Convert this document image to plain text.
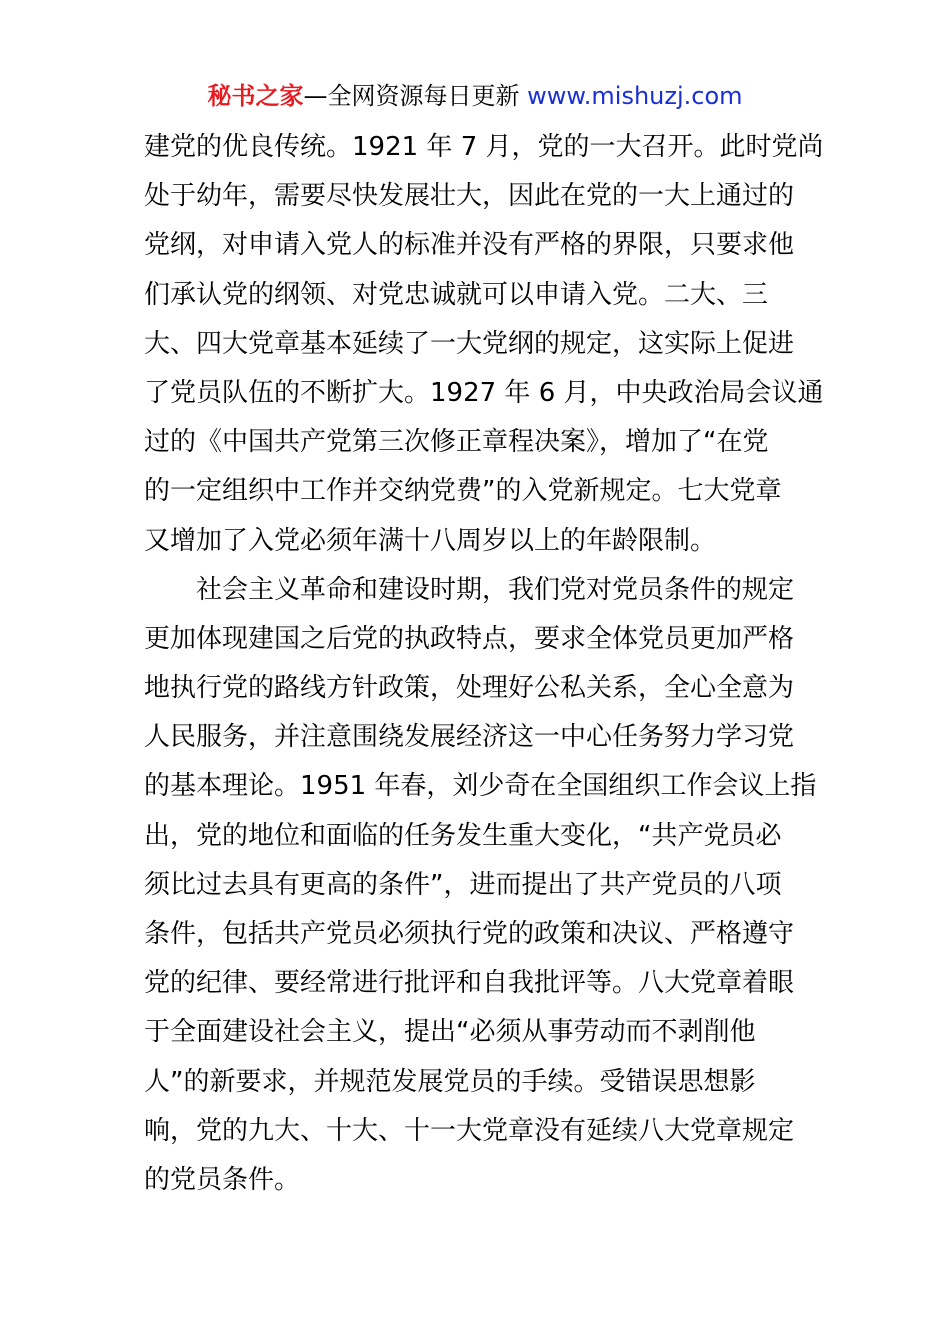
秘书之家—全网资源每日更新 www.mishuzj.com
建党的优良传统。1921 年 7 月，党的一大召开。此时党尚
处于幼年，需要尽快发展壮大，因此在党的一大上通过的
党纲，对申请入党人的标准并没有严格的界限，只要求他
们承认党的纲领、对党忠诚就可以申请入党。二大、三
大、四大党章基本延续了一大党纲的规定，这实际上促进
了党员队伍的不断扩大。1927 年 6 月，中央政治局会议通
过的《中国共产党第三次修正章程决案》，增加了“在党
的一定组织中工作并交纳党费”的入党新规定。七大党章
又增加了入党必须年满十八周岁以上的年龄限制。
社会主义革命和建设时期，我们党对党员条件的规定
更加体现建国之后党的执政特点，要求全体党员更加严格
地执行党的路线方针政策，处理好公私关系，全心全意为
人民服务，并注意围绕发展经济这一中心任务努力学习党
的基本理论。1951 年春，刘少奇在全国组织工作会议上指
出，党的地位和面临的任务发生重大变化，“共产党员必
须比过去具有更高的条件”，进而提出了共产党员的八项
条件，包括共产党员必须执行党的政策和决议、严格遵守
党的纪律、要经常进行批评和自我批评等。八大党章着眼
于全面建设社会主义，提出“必须从事劳动而不剥削他
人”的新要求，并规范发展党员的手续。受错误思想影
响，党的九大、十大、十一大党章没有延续八大党章规定
的党员条件。
